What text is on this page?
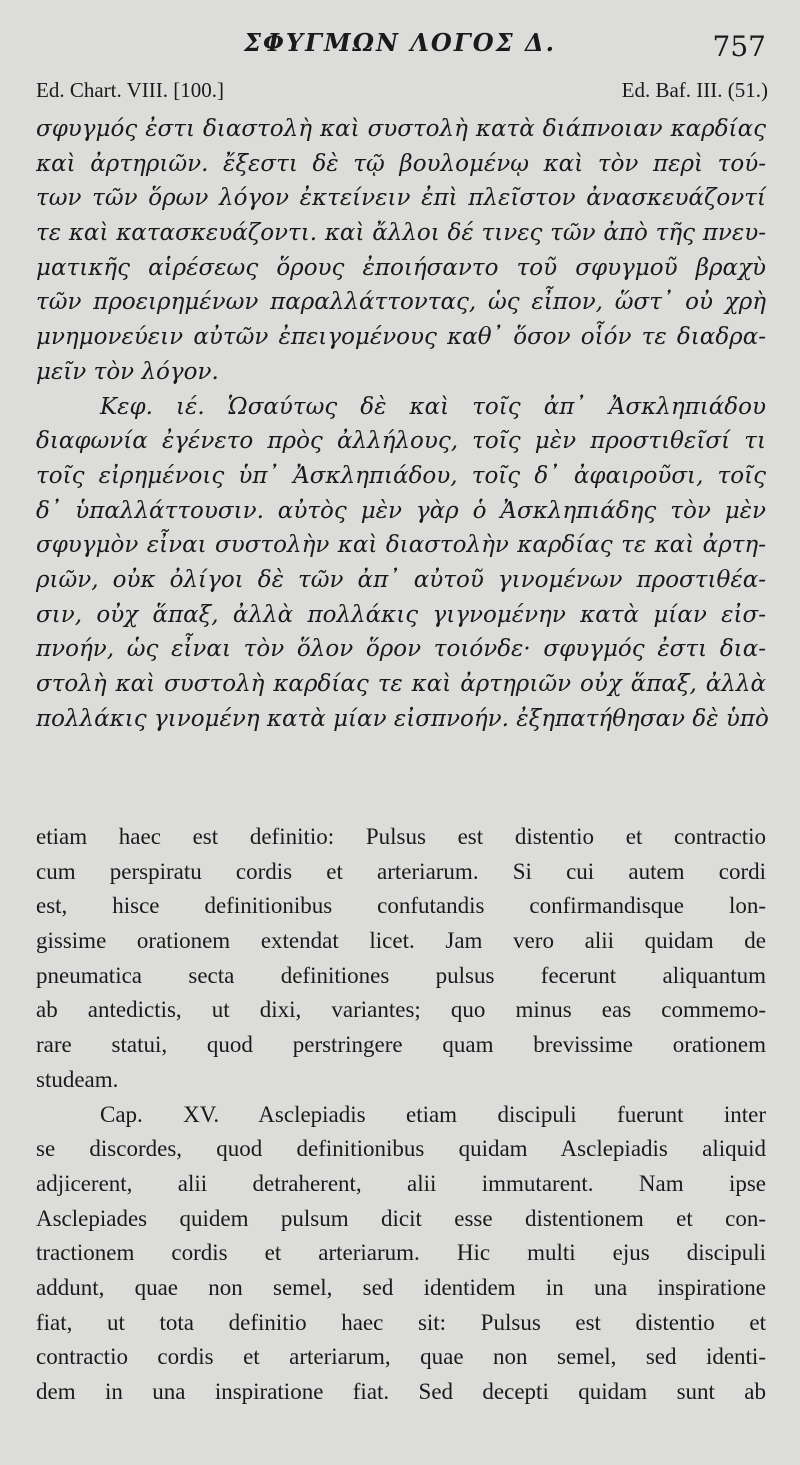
ΣΦΥΓΜΩΝ ΛΟΓΟΣ Δ.	757
Ed. Chart. VIII. [100.]	Ed. Baf. III. (51.)
σφυγμός ἐστι διαστολὴ καὶ συστολὴ κατὰ διάπνοιαν καρδίας
καὶ ἀρτηριῶν. ἔξεστι δὲ τῷ βουλομένῳ καὶ τὸν περὶ τού-
των τῶν ὅρων λόγον ἐκτείνειν ἐπὶ πλεῖστον ἀνασκευάζοντί
τε καὶ κατασκευάζοντι. καὶ ἄλλοι δέ τινες τῶν ἀπὸ τῆς πνευ-
ματικῆς αἱρέσεως ὅρους ἐποιήσαντο τοῦ σφυγμοῦ βραχὺ
τῶν προειρημένων παραλλάττοντας, ὡς εἶπον, ὥστ᾽ οὐ χρὴ
μνημονεύειν αὐτῶν ἐπειγομένους καθ᾽ ὅσον οἷόν τε διαδρα-
μεῖν τὸν λόγον.
Κεφ. ιέ. Ὡσαύτως δὲ καὶ τοῖς ἀπ᾽ Ἀσκληπιάδου
διαφωνία ἐγένετο πρὸς ἀλλήλους, τοῖς μὲν προστιθεῖσί τι
τοῖς εἰρημένοις ὑπ᾽ Ἀσκληπιάδου, τοῖς δ᾽ ἀφαιροῦσι, τοῖς
δ᾽ ὑπαλλάττουσιν. αὐτὸς μὲν γὰρ ὁ Ἀσκληπιάδης τὸν μὲν
σφυγμὸν εἶναι συστολὴν καὶ διαστολὴν καρδίας τε καὶ ἀρτη-
ριῶν, οὐκ ὀλίγοι δὲ τῶν ἀπ᾽ αὐτοῦ γινομένων προστιθέα-
σιν, οὐχ ἅπαξ, ἀλλὰ πολλάκις γιγνομένην κατὰ μίαν εἰσ-
πνοήν, ὡς εἶναι τὸν ὅλον ὅρον τοιόνδε· σφυγμός ἐστι δια-
στολὴ καὶ συστολὴ καρδίας τε καὶ ἀρτηριῶν οὐχ ἅπαξ, ἀλλὰ
πολλάκις γινομένη κατὰ μίαν εἰσπνοήν. ἐξηπατήθησαν δὲ ὑπὸ
etiam haec est definitio: Pulsus est distentio et contractio
cum perspiratu cordis et arteriarum. Si cui autem cordi
est, hisce definitionibus confutandis confirmandisque lon-
gissime orationem extendat licet. Jam vero alii quidam de
pneumatica secta definitiones pulsus fecerunt aliquantum
ab antedictis, ut dixi, variantes; quo minus eas commemo-
rare statui, quod perstringere quam brevissime orationem
studeam.
Cap. XV. Asclepiadis etiam discipuli fuerunt inter
se discordes, quod definitionibus quidam Asclepiadis aliquid
adjicerent, alii detraherent, alii immutarent. Nam ipse
Asclepiades quidem pulsum dicit esse distentionem et con-
tractionem cordis et arteriarum. Hic multi ejus discipuli
addunt, quae non semel, sed identidem in una inspiratione
fiat, ut tota definitio haec sit: Pulsus est distentio et
contractio cordis et arteriarum, quae non semel, sed identi-
dem in una inspiratione fiat. Sed decepti quidam sunt ab
